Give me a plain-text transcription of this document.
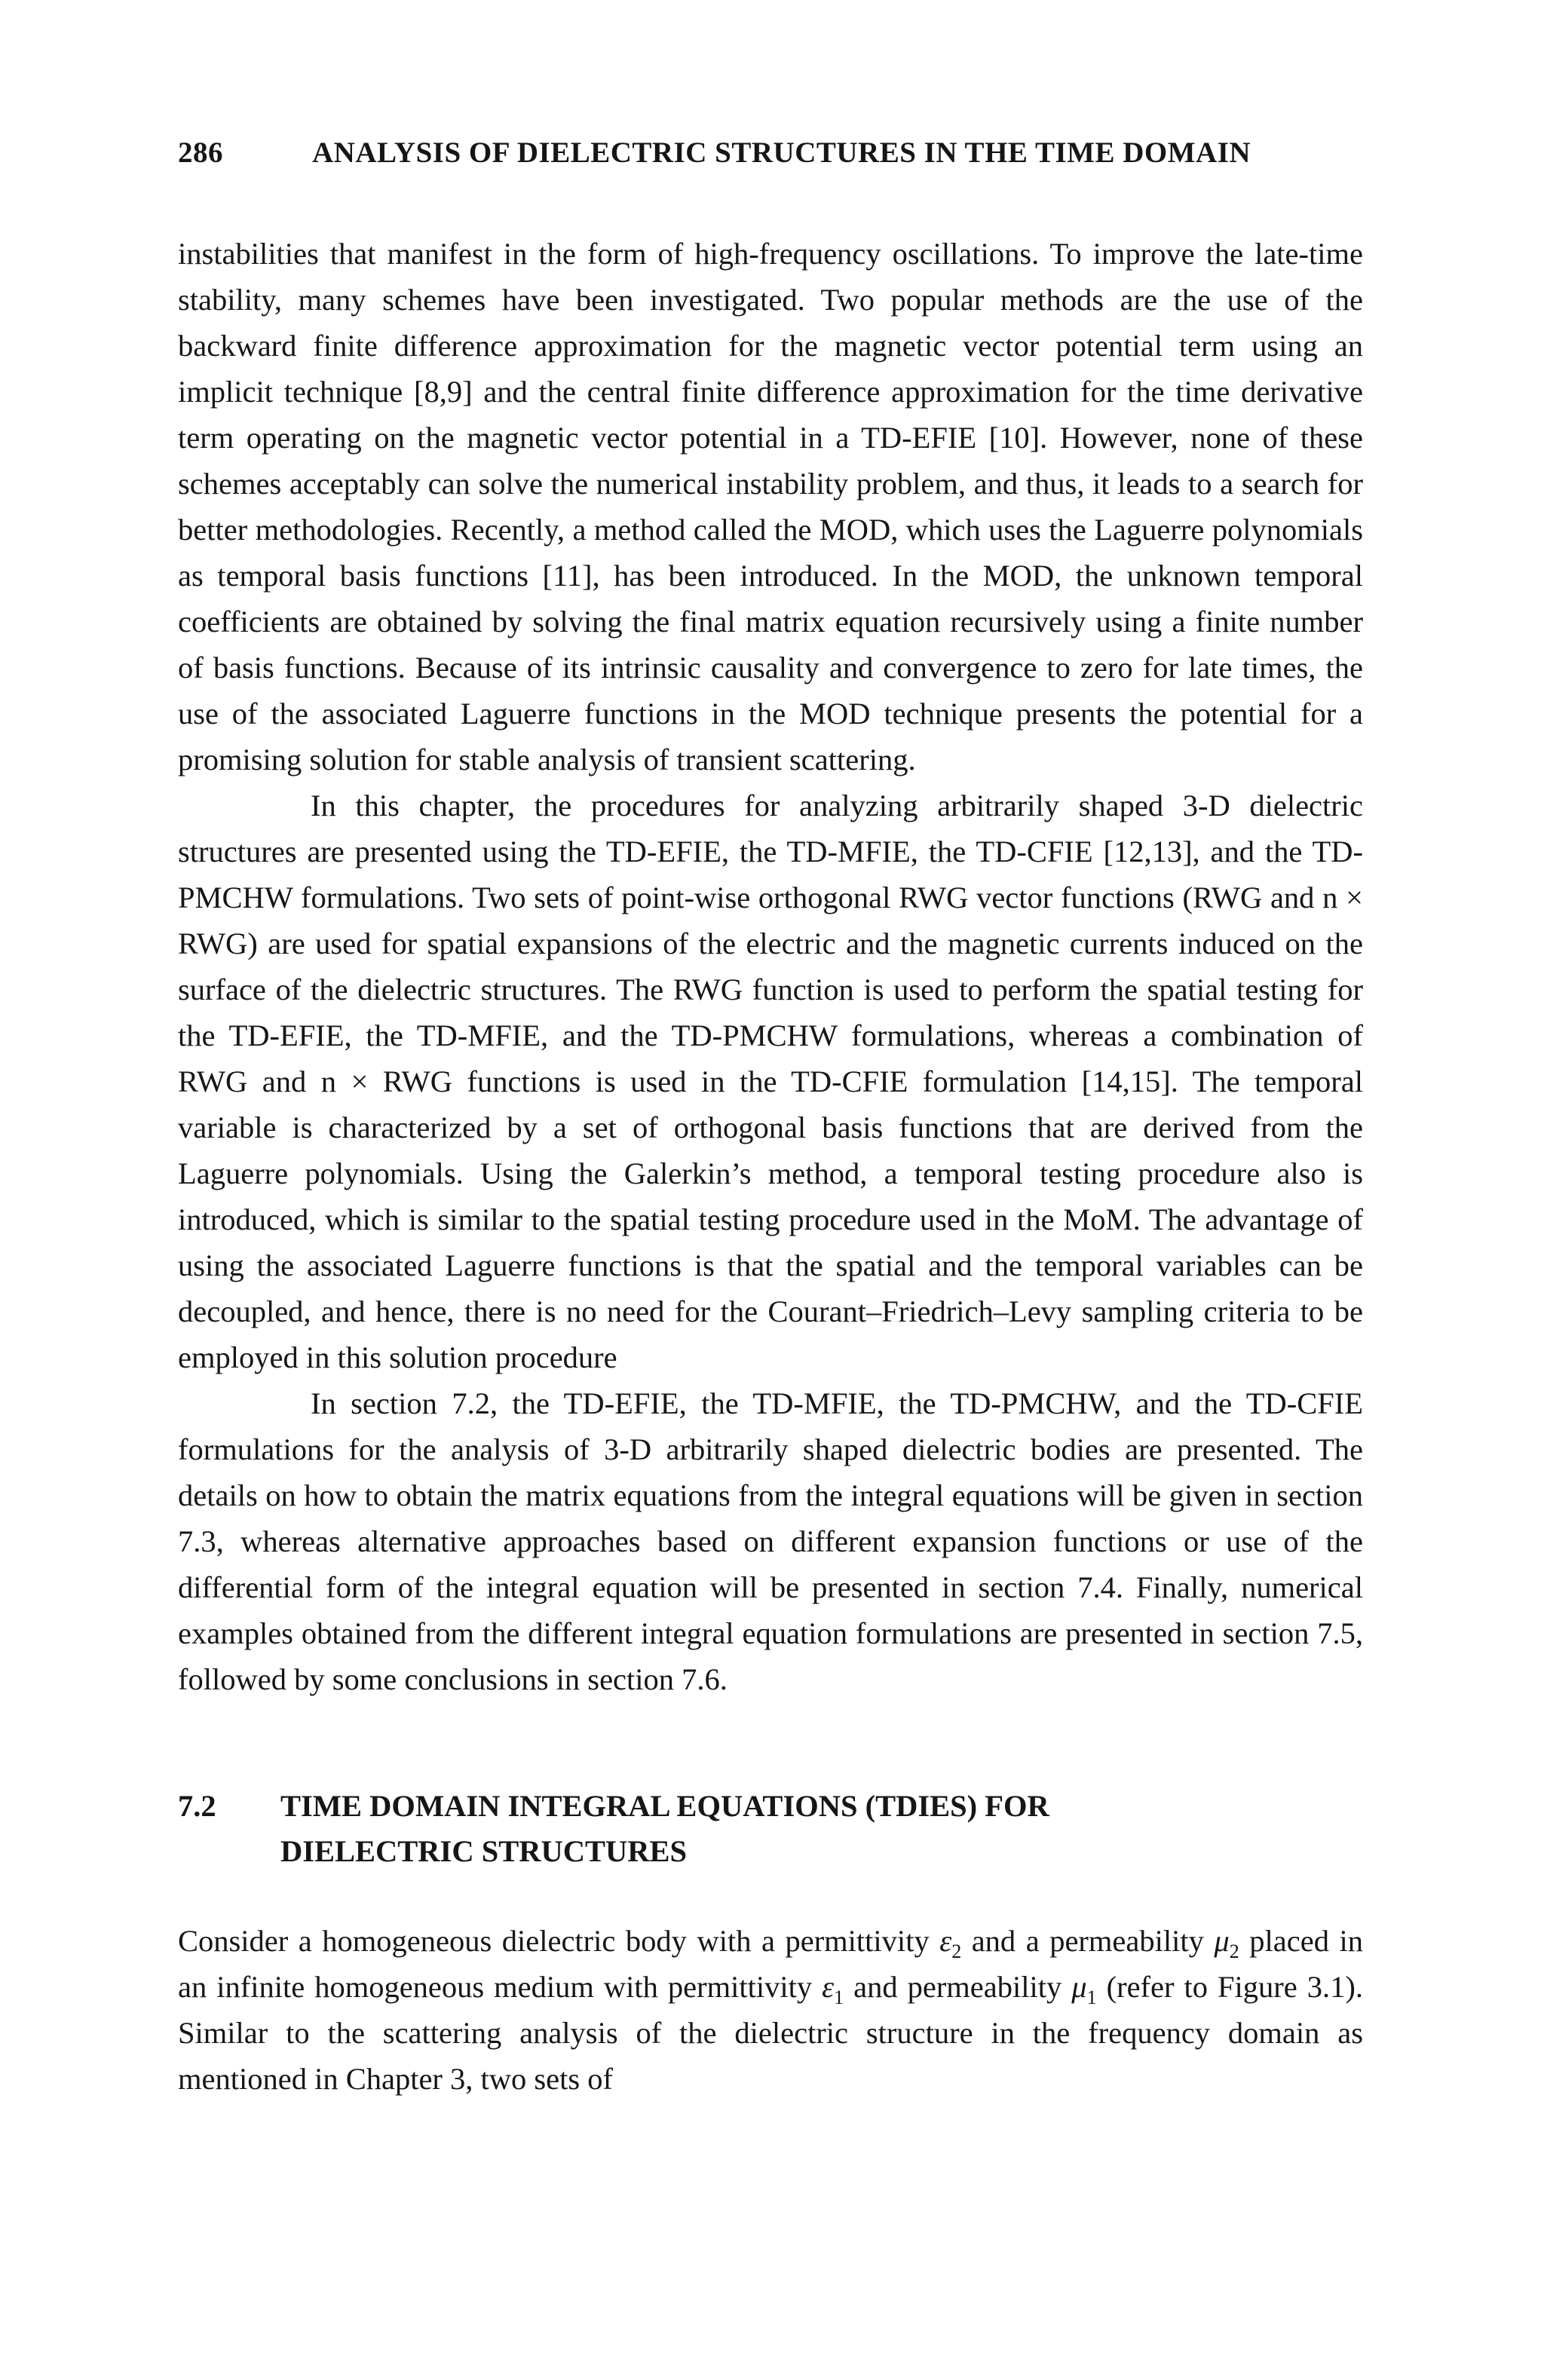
286	ANALYSIS OF DIELECTRIC STRUCTURES IN THE TIME DOMAIN

instabilities that manifest in the form of high-frequency oscillations. To improve the late-time stability, many schemes have been investigated. Two popular methods are the use of the backward finite difference approximation for the magnetic vector potential term using an implicit technique [8,9] and the central finite difference approximation for the time derivative term operating on the magnetic vector potential in a TD-EFIE [10]. However, none of these schemes acceptably can solve the numerical instability problem, and thus, it leads to a search for better methodologies. Recently, a method called the MOD, which uses the Laguerre polynomials as temporal basis functions [11], has been introduced. In the MOD, the unknown temporal coefficients are obtained by solving the final matrix equation recursively using a finite number of basis functions. Because of its intrinsic causality and convergence to zero for late times, the use of the associated Laguerre functions in the MOD technique presents the potential for a promising solution for stable analysis of transient scattering.

In this chapter, the procedures for analyzing arbitrarily shaped 3-D dielectric structures are presented using the TD-EFIE, the TD-MFIE, the TD-CFIE [12,13], and the TD-PMCHW formulations. Two sets of point-wise orthogonal RWG vector functions (RWG and n × RWG) are used for spatial expansions of the electric and the magnetic currents induced on the surface of the dielectric structures. The RWG function is used to perform the spatial testing for the TD-EFIE, the TD-MFIE, and the TD-PMCHW formulations, whereas a combination of RWG and n × RWG functions is used in the TD-CFIE formulation [14,15]. The temporal variable is characterized by a set of orthogonal basis functions that are derived from the Laguerre polynomials. Using the Galerkin’s method, a temporal testing procedure also is introduced, which is similar to the spatial testing procedure used in the MoM. The advantage of using the associated Laguerre functions is that the spatial and the temporal variables can be decoupled, and hence, there is no need for the Courant–Friedrich–Levy sampling criteria to be employed in this solution procedure

In section 7.2, the TD-EFIE, the TD-MFIE, the TD-PMCHW, and the TD-CFIE formulations for the analysis of 3-D arbitrarily shaped dielectric bodies are presented. The details on how to obtain the matrix equations from the integral equations will be given in section 7.3, whereas alternative approaches based on different expansion functions or use of the differential form of the integral equation will be presented in section 7.4. Finally, numerical examples obtained from the different integral equation formulations are presented in section 7.5, followed by some conclusions in section 7.6.

7.2	TIME DOMAIN INTEGRAL EQUATIONS (TDIES) FOR
DIELECTRIC STRUCTURES

Consider a homogeneous dielectric body with a permittivity $\varepsilon_2$ and a permeability $\mu_2$ placed in an infinite homogeneous medium with permittivity $\varepsilon_1$ and permeability $\mu_1$ (refer to Figure 3.1). Similar to the scattering analysis of the dielectric structure in the frequency domain as mentioned in Chapter 3, two sets of
